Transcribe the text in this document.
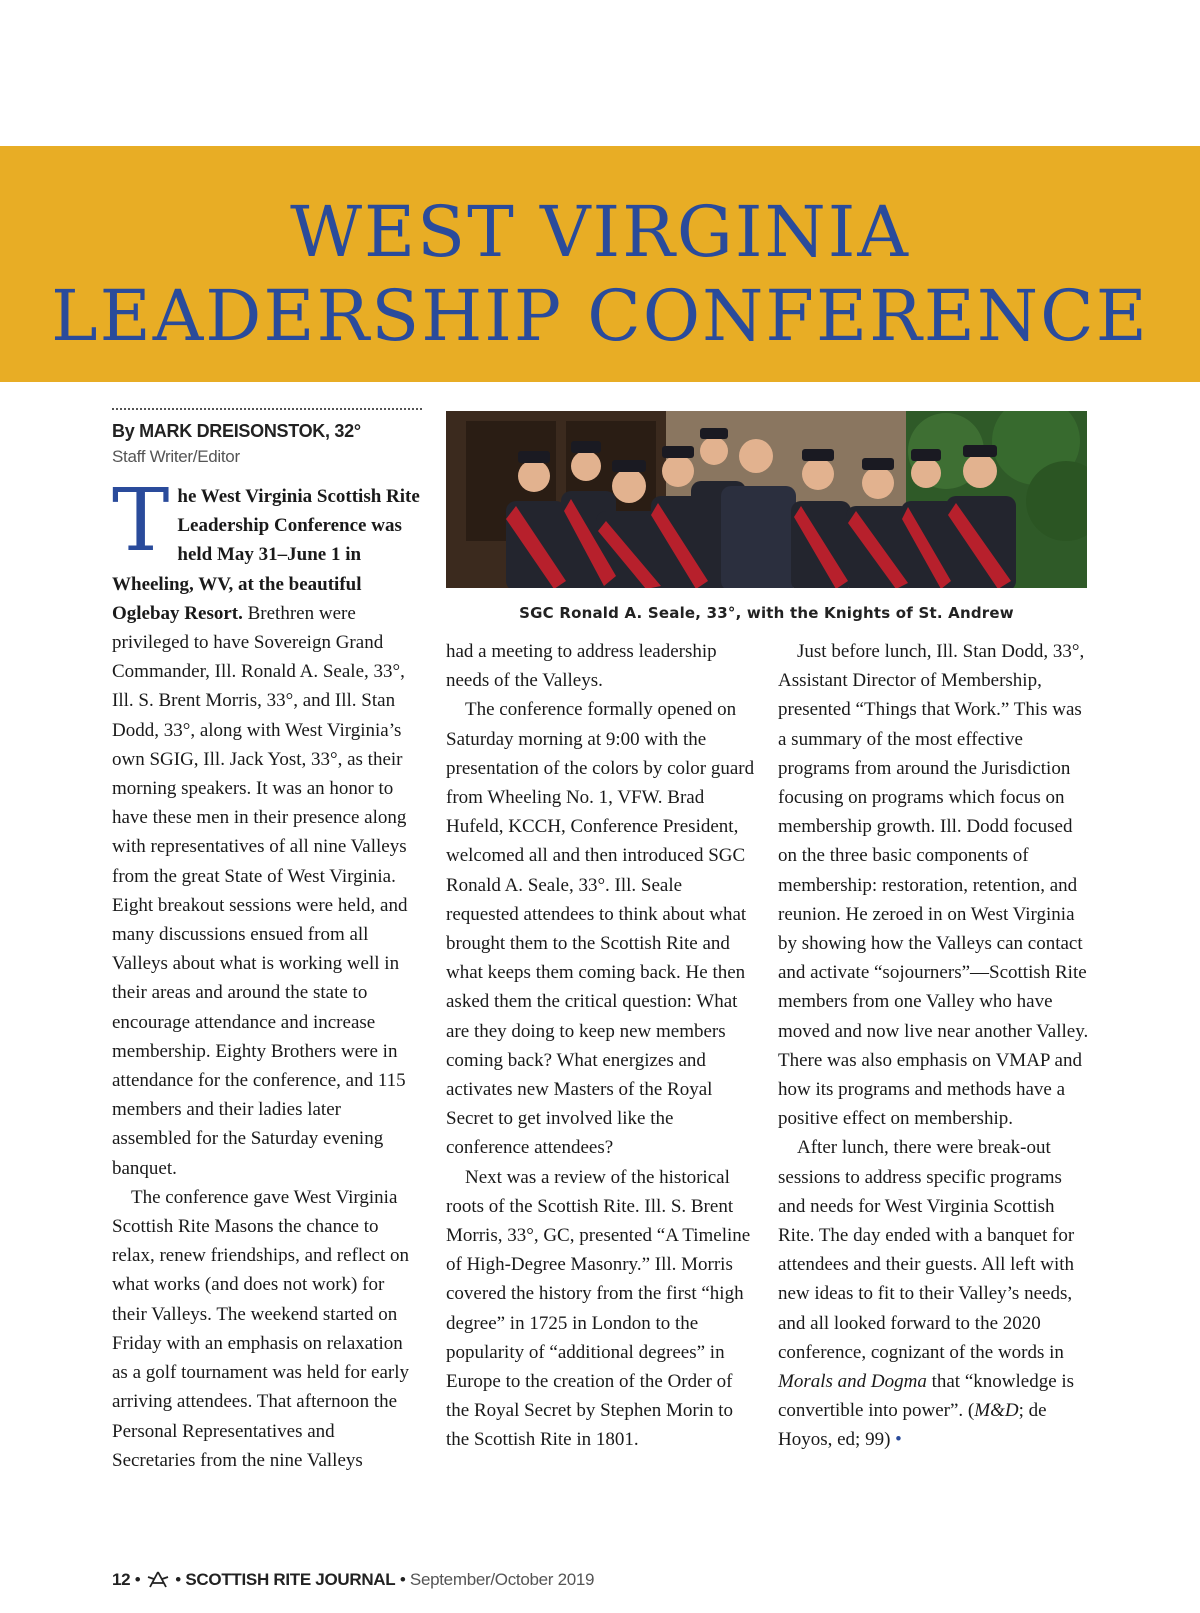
WEST VIRGINIA
LEADERSHIP CONFERENCE
By MARK DREISONSTOK, 32°
Staff Writer/Editor

The West Virginia Scottish Rite Leadership Conference was held May 31–June 1 in Wheeling, WV, at the beautiful Oglebay Resort. Brethren were privileged to have Sovereign Grand Commander, Ill. Ronald A. Seale, 33°, Ill. S. Brent Morris, 33°, and Ill. Stan Dodd, 33°, along with West Virginia’s own SGIG, Ill. Jack Yost, 33°, as their morning speakers. It was an honor to have these men in their presence along with representatives of all nine Valleys from the great State of West Virginia. Eight breakout sessions were held, and many discussions ensued from all Valleys about what is working well in their areas and around the state to encourage attendance and increase membership. Eighty Brothers were in attendance for the conference, and 115 members and their ladies later assembled for the Saturday evening banquet.

The conference gave West Virginia Scottish Rite Masons the chance to relax, renew friendships, and reflect on what works (and does not work) for their Valleys. The weekend started on Friday with an emphasis on relaxation as a golf tournament was held for early arriving attendees. That afternoon the Personal Representatives and Secretaries from the nine Valleys

SGC Ronald A. Seale, 33°, with the Knights of St. Andrew

had a meeting to address leadership needs of the Valleys.

The conference formally opened on Saturday morning at 9:00 with the presentation of the colors by color guard from Wheeling No. 1, VFW. Brad Hufeld, KCCH, Conference President, welcomed all and then introduced SGC Ronald A. Seale, 33°. Ill. Seale requested attendees to think about what brought them to the Scottish Rite and what keeps them coming back. He then asked them the critical question: What are they doing to keep new members coming back? What energizes and activates new Masters of the Royal Secret to get involved like the conference attendees?

Next was a review of the historical roots of the Scottish Rite. Ill. S. Brent Morris, 33°, GC, presented “A Timeline of High-Degree Masonry.” Ill. Morris covered the history from the first “high degree” in 1725 in London to the popularity of “additional degrees” in Europe to the creation of the Order of the Royal Secret by Stephen Morin to the Scottish Rite in 1801.

Just before lunch, Ill. Stan Dodd, 33°, Assistant Director of Membership, presented “Things that Work.” This was a summary of the most effective programs from around the Jurisdiction focusing on programs which focus on membership growth. Ill. Dodd focused on the three basic components of membership: restoration, retention, and reunion. He zeroed in on West Virginia by showing how the Valleys can contact and activate “sojourners”—Scottish Rite members from one Valley who have moved and now live near another Valley. There was also emphasis on VMAP and how its programs and methods have a positive effect on membership.

After lunch, there were break-out sessions to address specific programs and needs for West Virginia Scottish Rite. The day ended with a banquet for attendees and their guests. All left with new ideas to fit to their Valley’s needs, and all looked forward to the 2020 conference, cognizant of the words in Morals and Dogma that “knowledge is convertible into power”. (M&D; de Hoyos, ed; 99) •

12 • • SCOTTISH RITE JOURNAL • September/October 2019
